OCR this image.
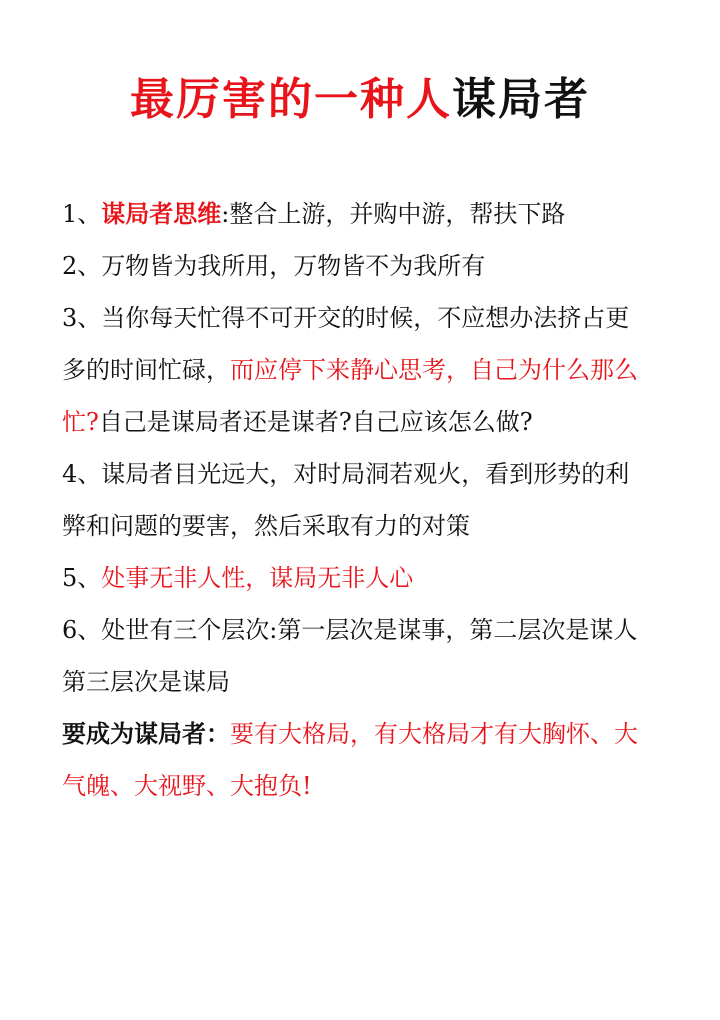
最厉害的一种人谋局者
1、谋局者思维:整合上游，并购中游，帮扶下路
2、万物皆为我所用，万物皆不为我所有
3、当你每天忙得不可开交的时候，不应想办法挤占更
多的时间忙碌，而应停下来静心思考，自己为什么那么
忙?自己是谋局者还是谋者?自己应该怎么做?
4、谋局者目光远大，对时局洞若观火，看到形势的利
弊和问题的要害，然后采取有力的对策
5、处事无非人性，谋局无非人心
6、处世有三个层次:第一层次是谋事，第二层次是谋人
第三层次是谋局
要成为谋局者：要有大格局，有大格局才有大胸怀、大
气魄、大视野、大抱负!
